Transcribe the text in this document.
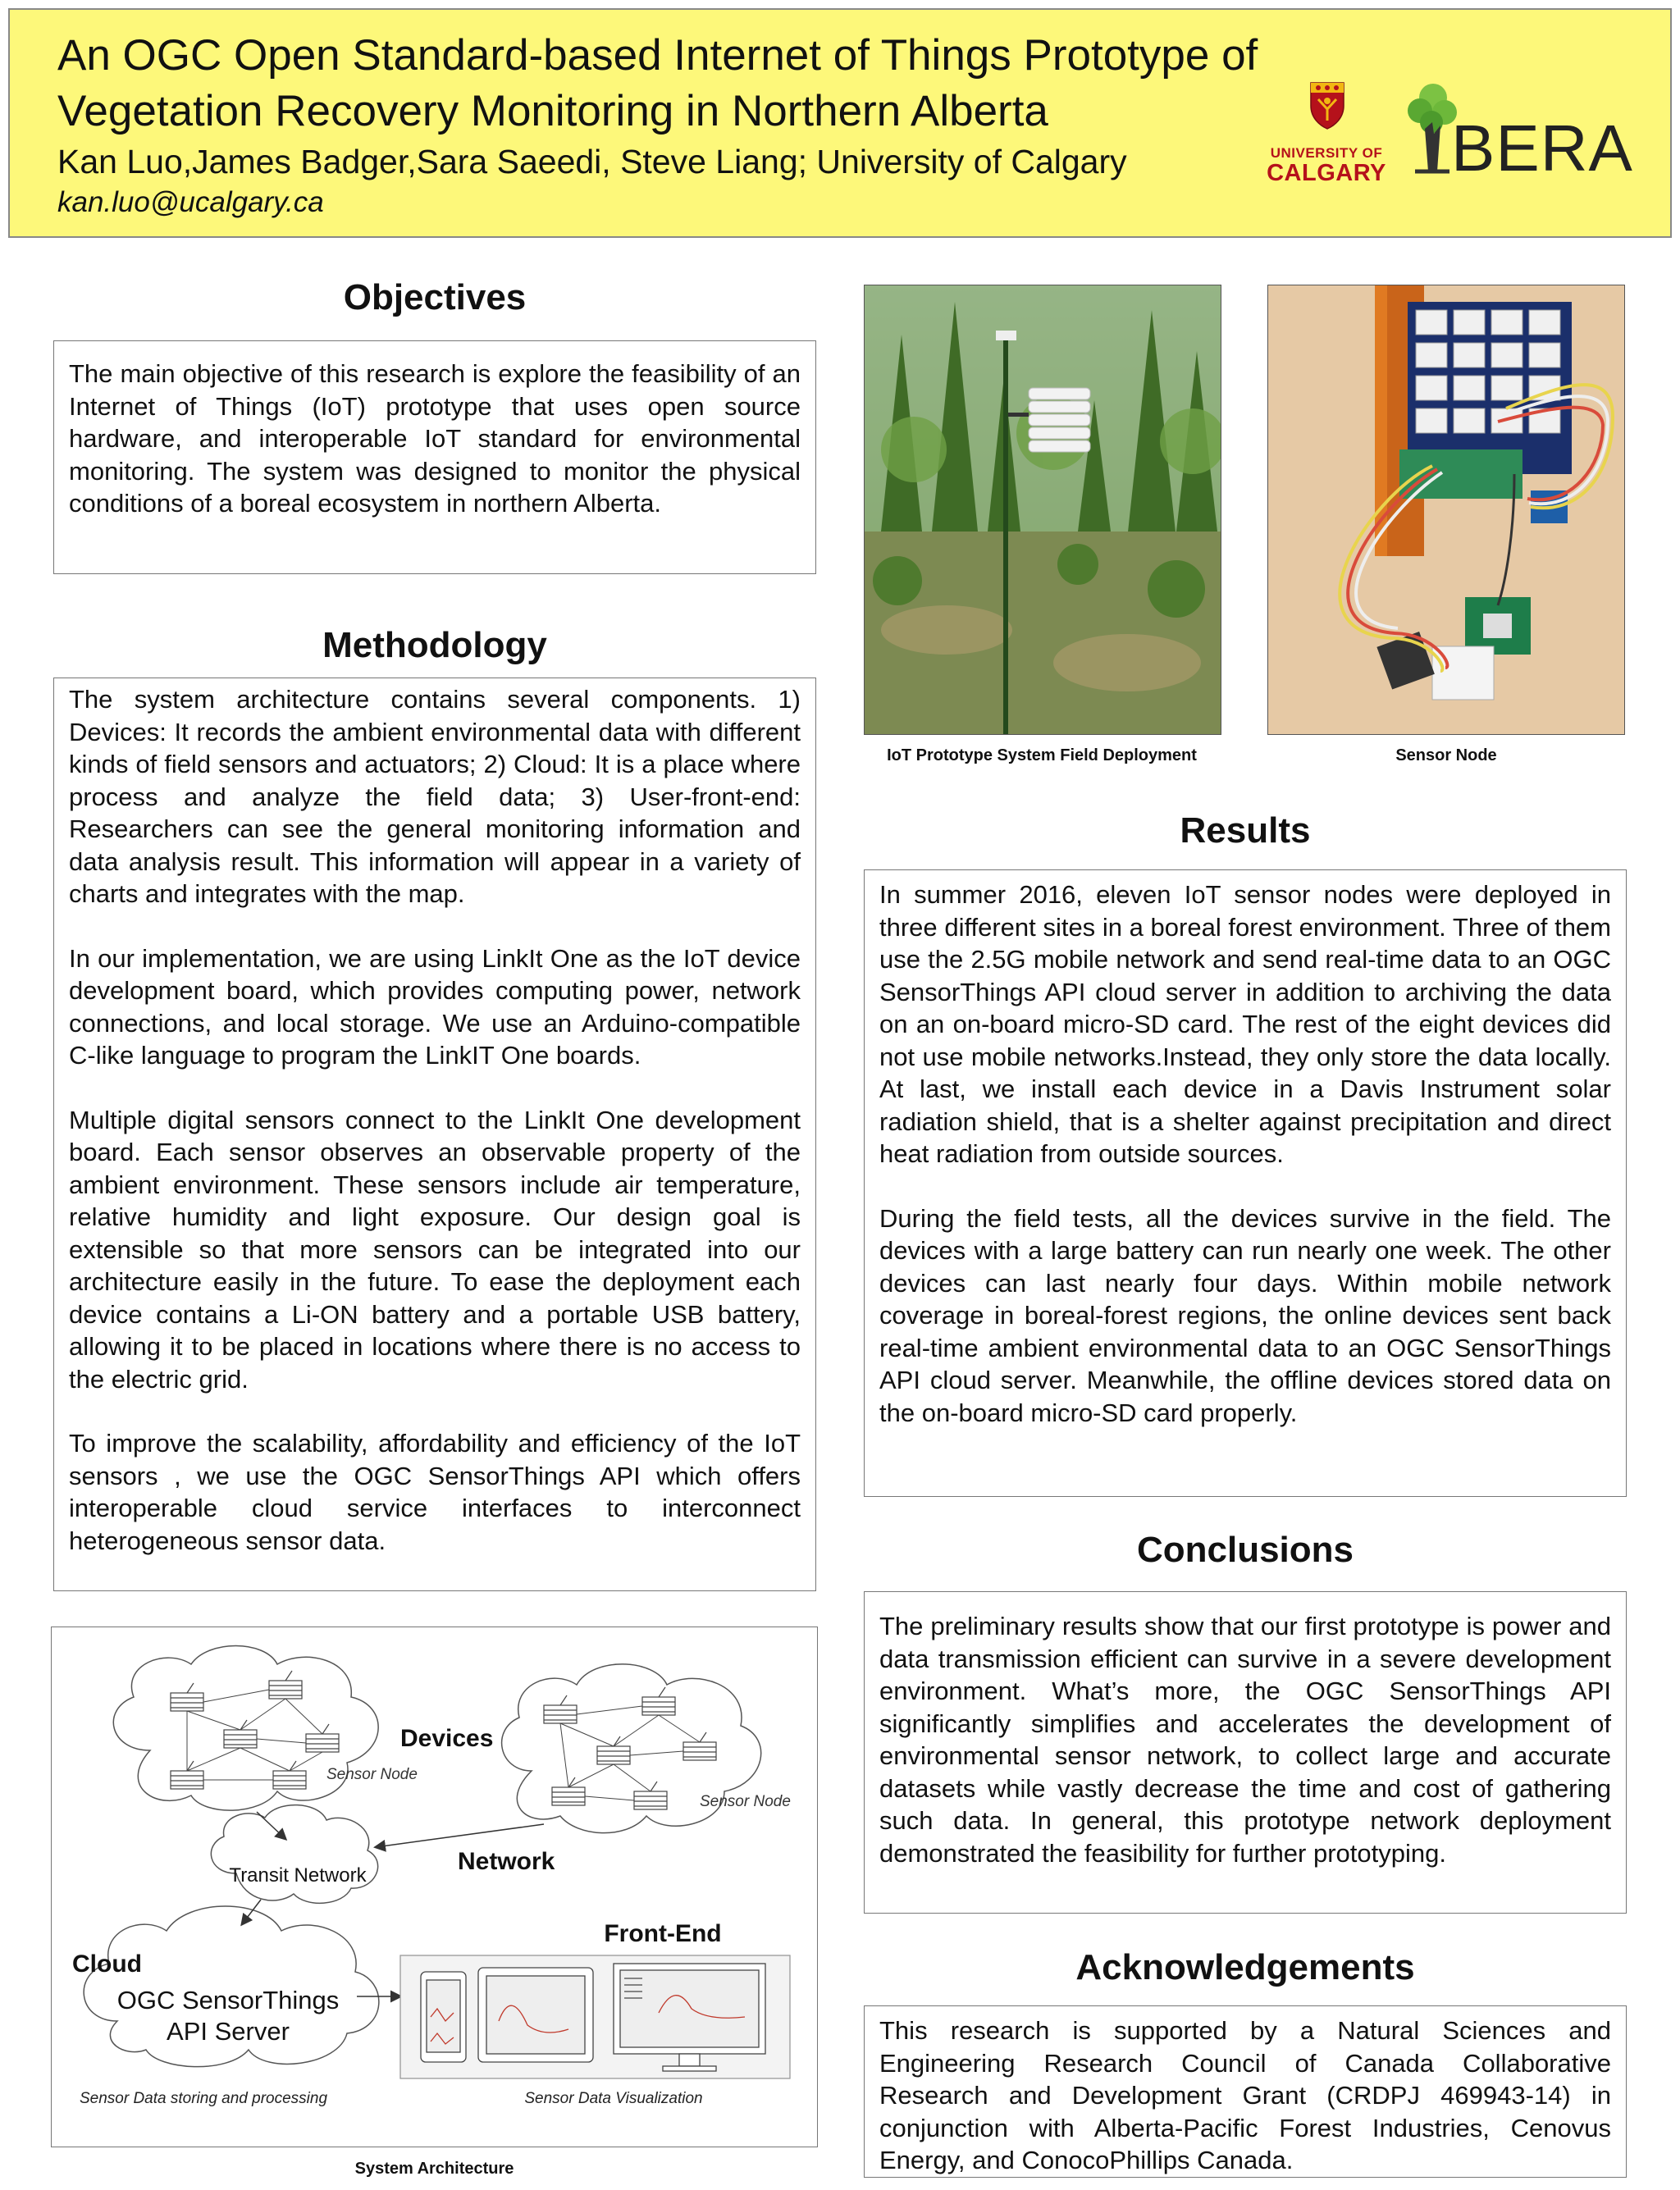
An OGC Open Standard-based Internet of Things Prototype of Vegetation Recovery Monitoring in Northern Alberta
Kan Luo,James Badger,Sara Saeedi, Steve Liang; University of Calgary
kan.luo@ucalgary.ca
UNIVERSITY OF
CALGARY BERA
Objectives

The main objective of this research is explore the feasibility of an Internet of Things (IoT) prototype that uses open source hardware, and interoperable IoT standard for environmental monitoring. The system was designed to monitor the physical conditions of a boreal ecosystem in northern Alberta.

Methodology

The system architecture contains several components. 1) Devices: It records the ambient environmental data with different kinds of field sensors and actuators; 2) Cloud: It is a place where process and analyze the field data; 3) User-front-end: Researchers can see the general monitoring information and data analysis result. This information will appear in a variety of charts and integrates with the map.

In our implementation, we are using LinkIt One as the IoT device development board, which provides computing power, network connections, and local storage. We use an Arduino-compatible C-like language to program the LinkIT One boards.

Multiple digital sensors connect to the LinkIt One development board. Each sensor observes an observable property of the ambient environment. These sensors include air temperature, relative humidity and light exposure. Our design goal is extensible so that more sensors can be integrated into our architecture easily in the future. To ease the deployment each device contains a Li-ON battery and a portable USB battery, allowing it to be placed in locations where there is no access to the electric grid.

To improve the scalability, affordability and efficiency of the IoT sensors , we use the OGC SensorThings API which offers interoperable cloud service interfaces to interconnect heterogeneous sensor data.

Devices
Sensor Node
Sensor Node
Network
Transit Network
Cloud
OGC SensorThings
API Server
Front-End
Sensor Data storing and processing	Sensor Data Visualization
System Architecture
IoT Prototype System Field Deployment	Sensor Node
Results

In summer 2016, eleven IoT sensor nodes were deployed in three different sites in a boreal forest environment. Three of them use the 2.5G mobile network and send real-time data to an OGC SensorThings API cloud server in addition to archiving the data on an on-board micro-SD card. The rest of the eight devices did not use mobile networks.Instead, they only store the data locally. At last, we install each device in a Davis Instrument solar radiation shield, that is a shelter against precipitation and direct heat radiation from outside sources.

During the field tests, all the devices survive in the field. The devices with a large battery can run nearly one week. The other devices can last nearly four days. Within mobile network coverage in boreal-forest regions, the online devices sent back real-time ambient environmental data to an OGC SensorThings API cloud server. Meanwhile, the offline devices stored data on the on-board micro-SD card properly.

Conclusions

The preliminary results show that our first prototype is power and data transmission efficient can survive in a severe development environment. What’s more, the OGC SensorThings API significantly simplifies and accelerates the development of environmental sensor network, to collect large and accurate datasets while vastly decrease the time and cost of gathering such data. In general, this prototype network deployment demonstrated the feasibility for further prototyping.

Acknowledgements

This research is supported by a Natural Sciences and Engineering Research Council of Canada Collaborative Research and Development Grant (CRDPJ 469943-14) in conjunction with Alberta-Pacific Forest Industries, Cenovus Energy, and ConocoPhillips Canada.
